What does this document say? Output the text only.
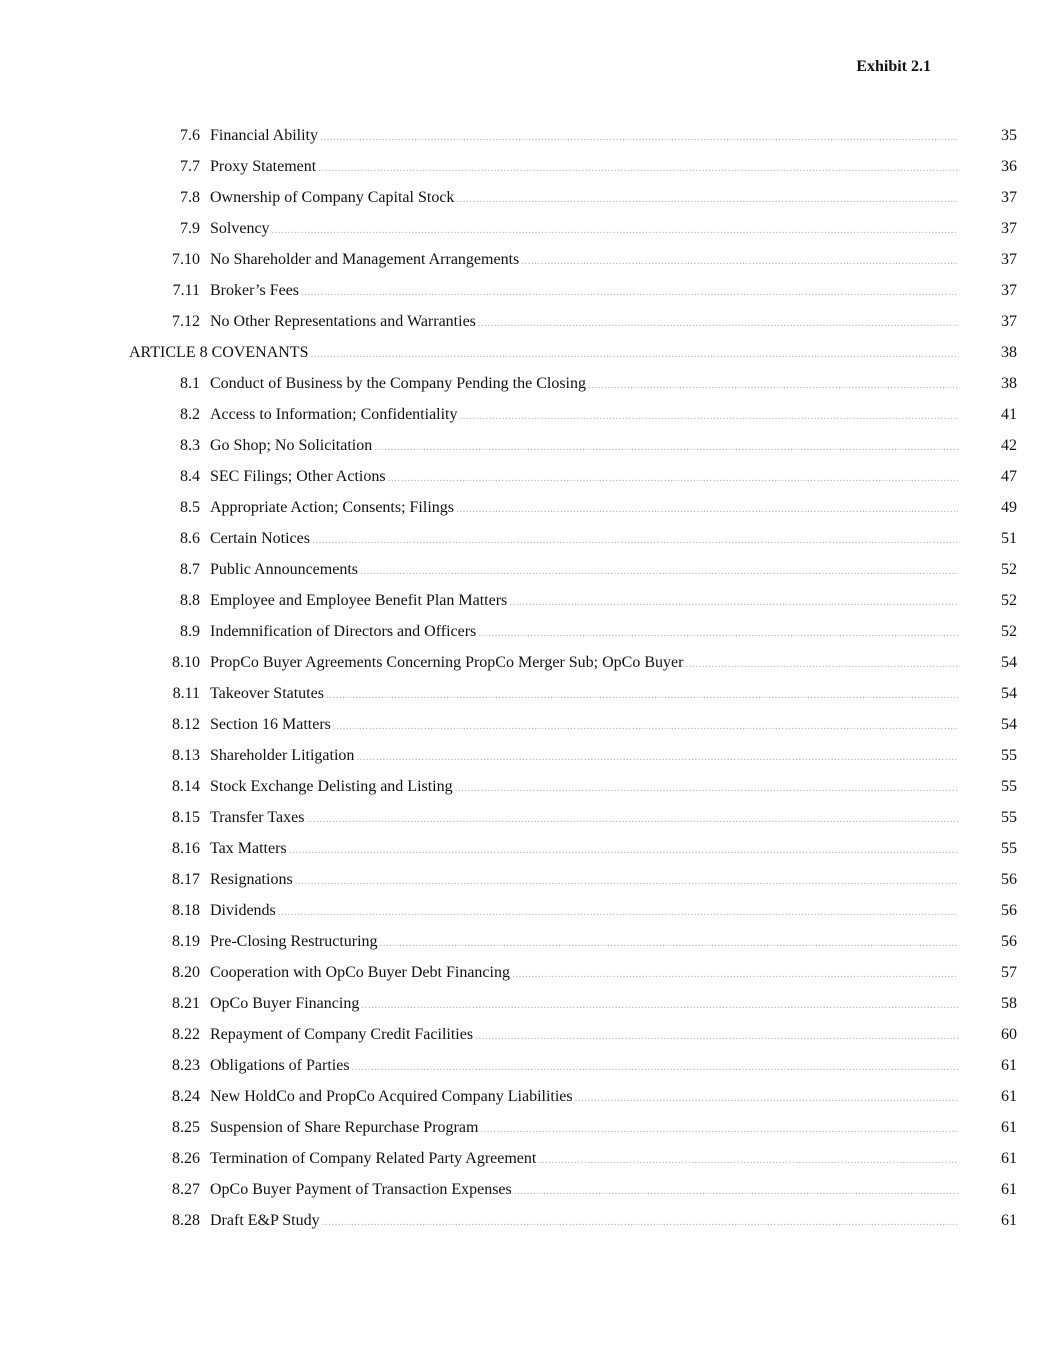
Exhibit 2.1
7.6 Financial Ability .....	35
7.7 Proxy Statement .....	36
7.8 Ownership of Company Capital Stock .....	37
7.9 Solvency .....	37
7.10 No Shareholder and Management Arrangements .....	37
7.11 Broker’s Fees .....	37
7.12 No Other Representations and Warranties .....	37
ARTICLE 8 COVENANTS .....	38
8.1 Conduct of Business by the Company Pending the Closing .....	38
8.2 Access to Information; Confidentiality .....	41
8.3 Go Shop; No Solicitation .....	42
8.4 SEC Filings; Other Actions .....	47
8.5 Appropriate Action; Consents; Filings .....	49
8.6 Certain Notices .....	51
8.7 Public Announcements .....	52
8.8 Employee and Employee Benefit Plan Matters .....	52
8.9 Indemnification of Directors and Officers .....	52
8.10 PropCo Buyer Agreements Concerning PropCo Merger Sub; OpCo Buyer .....	54
8.11 Takeover Statutes .....	54
8.12 Section 16 Matters .....	54
8.13 Shareholder Litigation .....	55
8.14 Stock Exchange Delisting and Listing .....	55
8.15 Transfer Taxes .....	55
8.16 Tax Matters .....	55
8.17 Resignations .....	56
8.18 Dividends .....	56
8.19 Pre-Closing Restructuring .....	56
8.20 Cooperation with OpCo Buyer Debt Financing .....	57
8.21 OpCo Buyer Financing .....	58
8.22 Repayment of Company Credit Facilities .....	60
8.23 Obligations of Parties .....	61
8.24 New HoldCo and PropCo Acquired Company Liabilities .....	61
8.25 Suspension of Share Repurchase Program .....	61
8.26 Termination of Company Related Party Agreement .....	61
8.27 OpCo Buyer Payment of Transaction Expenses .....	61
8.28 Draft E&P Study .....	61
